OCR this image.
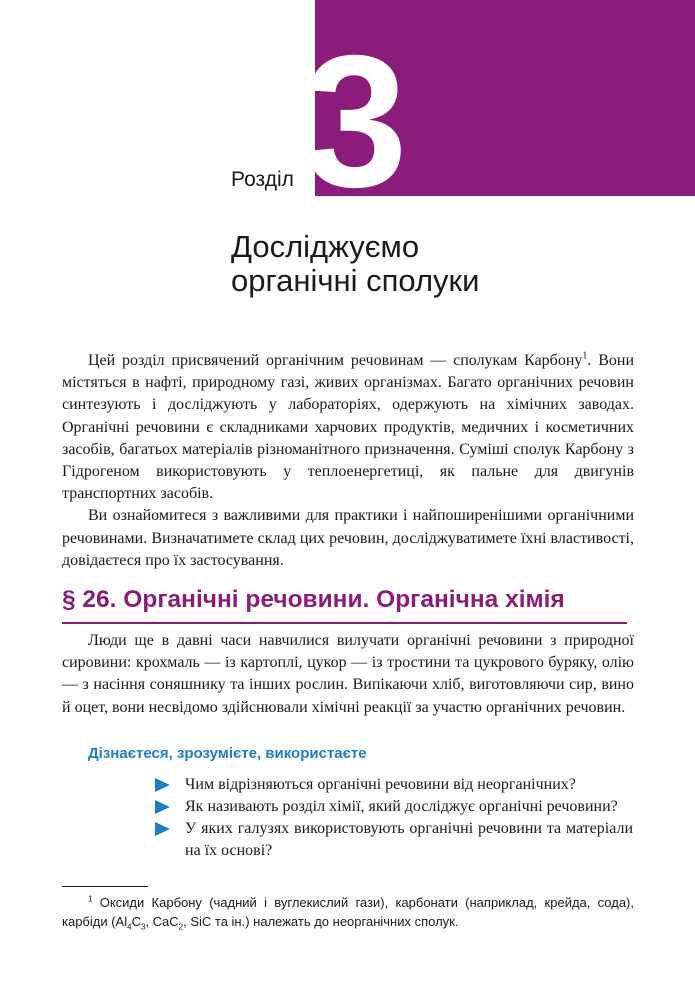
3
Розділ
Досліджуємо
органічні сполуки

Цей розділ присвячений органічним речовинам — сполукам Карбону$^1$. Вони містяться в нафті, природному газі, живих організмах. Багато органічних речовин синтезують і досліджують у лабораторіях, одержують на хімічних заводах. Органічні речовини є складниками харчових продуктів, медичних і косметичних засобів, багатьох матеріалів різноманітного призначення. Суміші сполук Карбону з Гідрогеном використовують у теплоенергетиці, як пальне для двигунів транспортних засобів.

Ви ознайомитеся з важливими для практики і найпоширенішими органічними речовинами. Визначатимете склад цих речовин, досліджуватимете їхні властивості, довідаєтеся про їх застосування.

§ 26. Органічні речовини. Органічна хімія

Люди ще в давні часи навчилися вилучати органічні речовини з природної сировини: крохмаль — із картоплі, цукор — із тростини та цукрового буряку, олію — з насіння соняшнику та інших рослин. Випікаючи хліб, виготовляючи сир, вино й оцет, вони несвідомо здійснювали хімічні реакції за участю органічних речовин.

Дізнаєтеся, зрозумієте, використаєте
Чим відрізняються органічні речовини від неорганічних?
Як називають розділ хімії, який досліджує органічні речовини?
У яких галузях використовують органічні речовини та матеріали на їх основі?

$^1$ Оксиди Карбону (чадний і вуглекислий гази), карбонати (наприклад, крейда, сода), карбіди ($Al_4C_3$, CaC$_2$, SiC та ін.) належать до неорганічних сполук.
